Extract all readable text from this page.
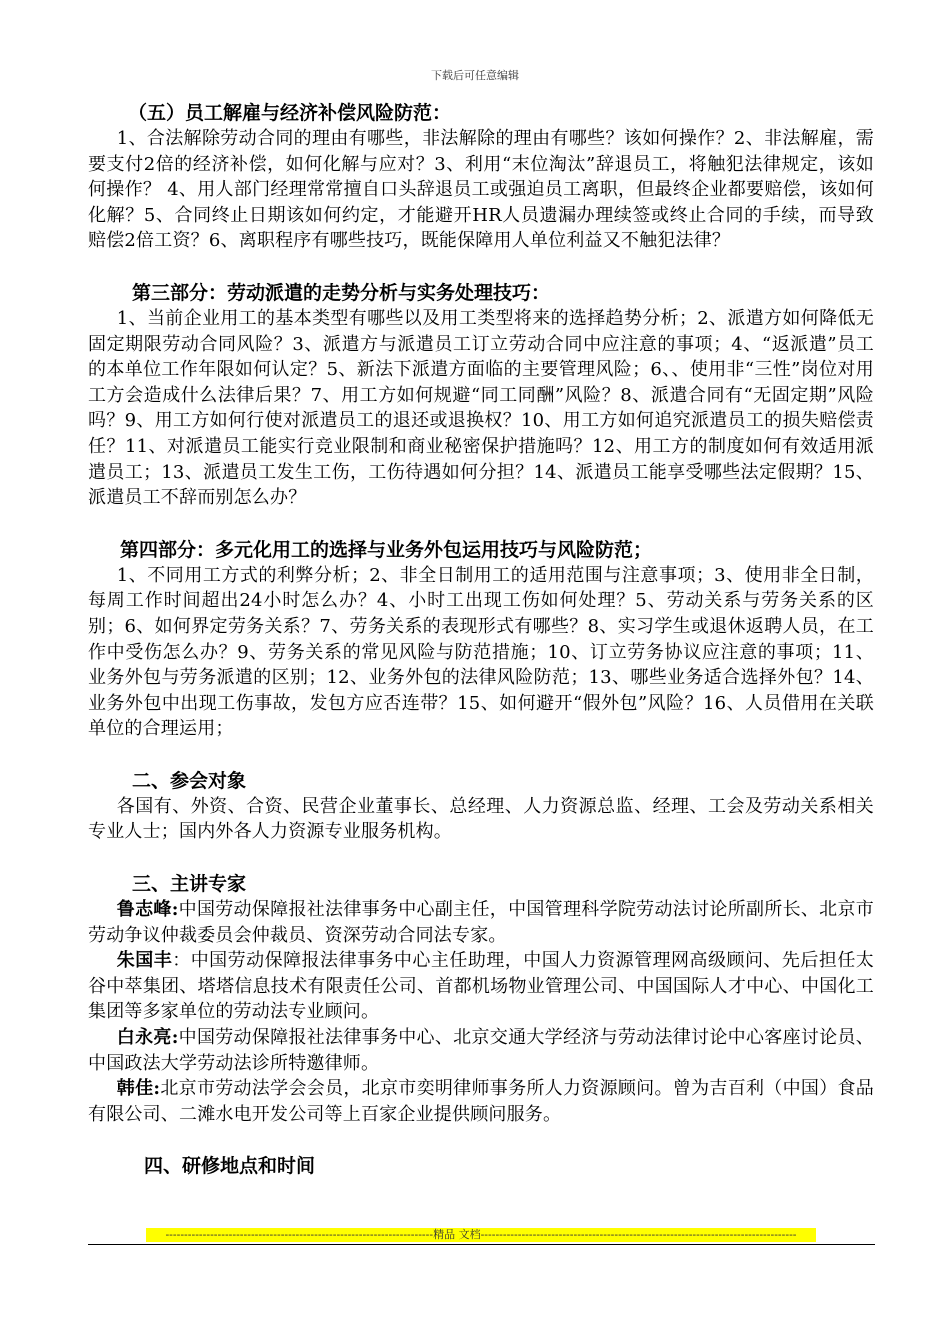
下载后可任意编辑

（五）员工解雇与经济补偿风险防范：

1、合法解除劳动合同的理由有哪些，非法解除的理由有哪些？该如何操作？2、非法解雇，需要支付2倍的经济补偿，如何化解与应对？3、利用“末位淘汰”辞退员工，将触犯法律规定，该如何操作？ 4、用人部门经理常常擅自口头辞退员工或强迫员工离职，但最终企业都要赔偿，该如何化解？5、合同终止日期该如何约定，才能避开HR人员遗漏办理续签或终止合同的手续，而导致赔偿2倍工资？6、离职程序有哪些技巧，既能保障用人单位利益又不触犯法律？

第三部分：劳动派遣的走势分析与实务处理技巧：

1、当前企业用工的基本类型有哪些以及用工类型将来的选择趋势分析；2、派遣方如何降低无固定期限劳动合同风险？3、派遣方与派遣员工订立劳动合同中应注意的事项；4、“返派遣”员工的本单位工作年限如何认定？5、新法下派遣方面临的主要管理风险；6、、使用非“三性”岗位对用工方会造成什么法律后果？7、用工方如何规避“同工同酬”风险？8、派遣合同有“无固定期”风险吗？9、用工方如何行使对派遣员工的退还或退换权？10、用工方如何追究派遣员工的损失赔偿责任？11、对派遣员工能实行竞业限制和商业秘密保护措施吗？12、用工方的制度如何有效适用派遣员工；13、派遣员工发生工伤，工伤待遇如何分担？14、派遣员工能享受哪些法定假期？15、派遣员工不辞而别怎么办？

第四部分：多元化用工的选择与业务外包运用技巧与风险防范；

1、不同用工方式的利弊分析；2、非全日制用工的适用范围与注意事项；3、使用非全日制，每周工作时间超出24小时怎么办？4、小时工出现工伤如何处理？5、劳动关系与劳务关系的区别；6、如何界定劳务关系？7、劳务关系的表现形式有哪些？8、实习学生或退休返聘人员，在工作中受伤怎么办？9、劳务关系的常见风险与防范措施；10、订立劳务协议应注意的事项；11、业务外包与劳务派遣的区别；12、业务外包的法律风险防范；13、哪些业务适合选择外包？14、业务外包中出现工伤事故，发包方应否连带？15、如何避开“假外包”风险？16、人员借用在关联单位的合理运用；

二、参会对象

各国有、外资、合资、民营企业董事长、总经理、人力资源总监、经理、工会及劳动关系相关专业人士；国内外各人力资源专业服务机构。

三、主讲专家

鲁志峰:中国劳动保障报社法律事务中心副主任，中国管理科学院劳动法讨论所副所长、北京市劳动争议仲裁委员会仲裁员、资深劳动合同法专家。

朱国丰：中国劳动保障报法律事务中心主任助理，中国人力资源管理网高级顾问、先后担任太谷中萃集团、塔塔信息技术有限责任公司、首都机场物业管理公司、中国国际人才中心、中国化工集团等多家单位的劳动法专业顾问。

白永亮:中国劳动保障报社法律事务中心、北京交通大学经济与劳动法律讨论中心客座讨论员、中国政法大学劳动法诊所特邀律师。

韩佳:北京市劳动法学会会员，北京市奕明律师事务所人力资源顾问。曾为吉百利（中国）食品有限公司、二滩水电开发公司等上百家企业提供顾问服务。

四、研修地点和时间

------------------------------------------------------------------------精品 文档-------------------------------------------------------------------------------------
